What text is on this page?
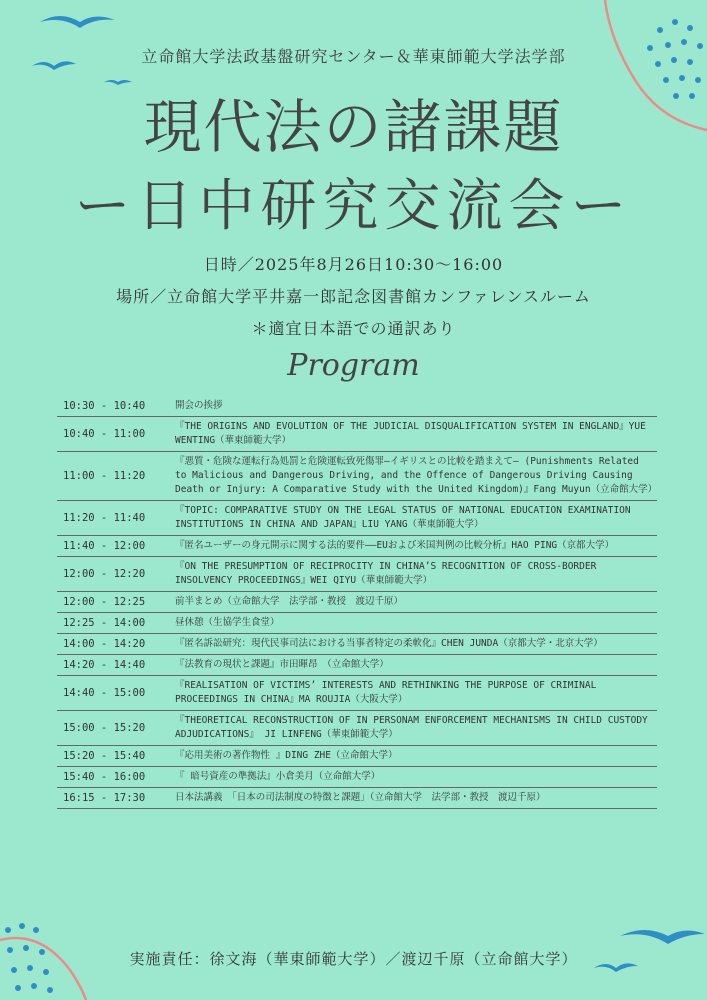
立命館大学法政基盤研究センター＆華東師範大学法学部
現代法の諸課題
ー日中研究交流会ー
日時／2025年8月26日10:30〜16:00
場所／立命館大学平井嘉一郎記念図書館カンファレンスルーム
＊適宜日本語での通訳あり
Program
10:30 - 10:40	開会の挨拶
10:40 - 11:00	『THE ORIGINS AND EVOLUTION OF THE JUDICIAL DISQUALIFICATION SYSTEM IN ENGLAND』YUE WENTING（華東師範大学）
11:00 - 11:20	『悪質・危険な運転行為処罰と危険運転致死傷罪―イギリスとの比較を踏まえて― (Punishments Related to Malicious and Dangerous Driving, and the Offence of Dangerous Driving Causing Death or Injury: A Comparative Study with the United Kingdom)』Fang Muyun（立命館大学）
11:20 - 11:40	『TOPIC: COMPARATIVE STUDY ON THE LEGAL STATUS OF NATIONAL EDUCATION EXAMINATION INSTITUTIONS IN CHINA AND JAPAN』LIU YANG（華東師範大学）
11:40 - 12:00	『匿名ユーザーの身元開示に関する法的要件――EUおよび米国判例の比較分析』HAO PING（京都大学）
12:00 - 12:20	『ON THE PRESUMPTION OF RECIPROCITY IN CHINA’S RECOGNITION OF CROSS-BORDER INSOLVENCY PROCEEDINGS』WEI QIYU（華東師範大学）
12:00 - 12:25	前半まとめ（立命館大学　法学部・教授　渡辺千原）
12:25 - 14:00	昼休憩（生協学生食堂）
14:00 - 14:20	『匿名訴訟研究：現代民事司法における当事者特定の柔軟化』CHEN JUNDA（京都大学・北京大学）
14:20 - 14:40	『法教育の現状と課題』市田暉昂　（立命館大学）
14:40 - 15:00	『REALISATION OF VICTIMS’ INTERESTS AND RETHINKING THE PURPOSE OF CRIMINAL PROCEEDINGS IN CHINA』MA ROUJIA（大阪大学）
15:00 - 15:20	『THEORETICAL RECONSTRUCTION OF IN PERSONAM ENFORCEMENT MECHANISMS IN CHILD CUSTODY ADJUDICATIONS』 JI LINFENG（華東師範大学）
15:20 - 15:40	『応用美術の著作物性 』DING ZHE（立命館大学）
15:40 - 16:00	『 暗号資産の準拠法』小倉美月（立命館大学）
16:15 - 17:30	日本法講義　「日本の司法制度の特徴と課題」（立命館大学　法学部・教授　渡辺千原）
実施責任：徐文海（華東師範大学）／渡辺千原（立命館大学）
